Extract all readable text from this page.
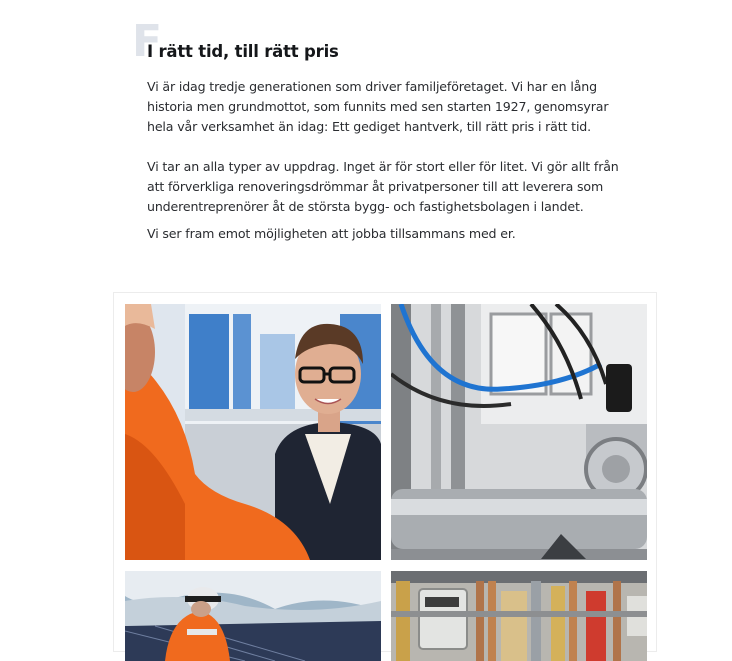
F
I rätt tid, till rätt pris

Vi är idag tredje generationen som driver familjeföretaget. Vi har en lång historia men grundmottot, som funnits med sen starten 1927, genomsyrar hela vår verksamhet än idag: Ett gediget hantverk, till rätt pris i rätt tid.

Vi tar an alla typer av uppdrag. Inget är för stort eller för litet. Vi gör allt från att förverkliga renoveringsdrömmar åt privatpersoner till att leverera som underentreprenörer åt de största bygg- och fastighetsbolagen i landet.

Vi ser fram emot möjligheten att jobba tillsammans med er.
